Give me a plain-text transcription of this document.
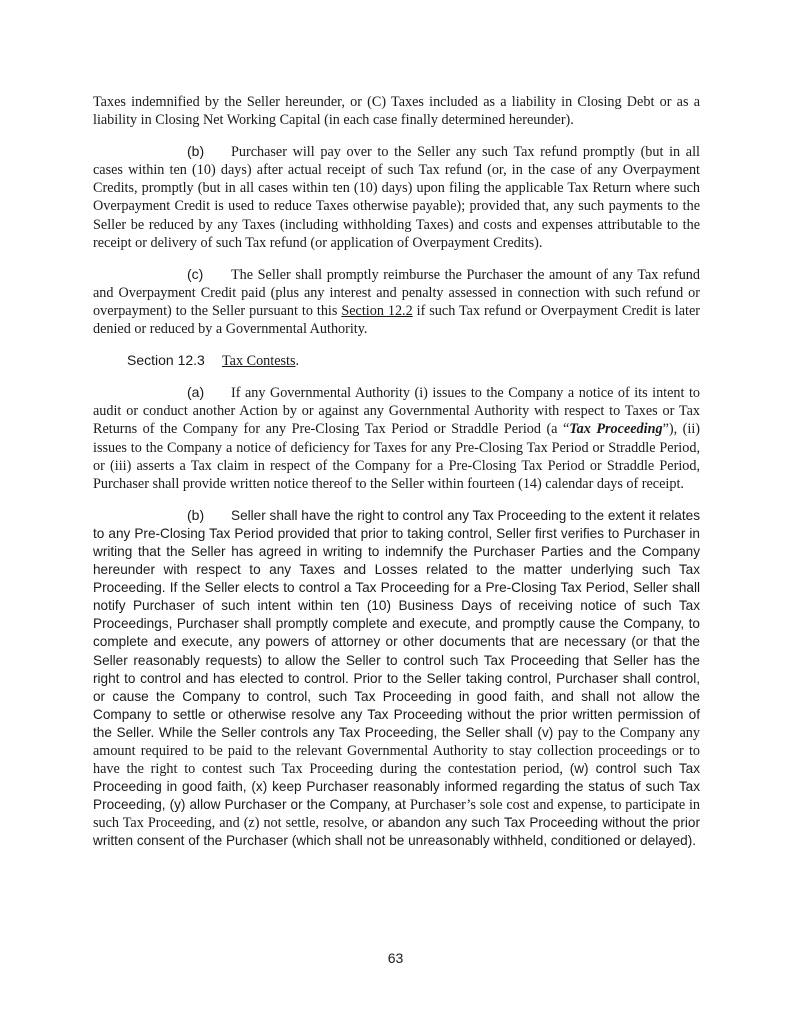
Taxes indemnified by the Seller hereunder, or (C) Taxes included as a liability in Closing Debt or as a liability in Closing Net Working Capital (in each case finally determined hereunder).

(b) Purchaser will pay over to the Seller any such Tax refund promptly (but in all cases within ten (10) days) after actual receipt of such Tax refund (or, in the case of any Overpayment Credits, promptly (but in all cases within ten (10) days) upon filing the applicable Tax Return where such Overpayment Credit is used to reduce Taxes otherwise payable); provided that, any such payments to the Seller be reduced by any Taxes (including withholding Taxes) and costs and expenses attributable to the receipt or delivery of such Tax refund (or application of Overpayment Credits).

(c) The Seller shall promptly reimburse the Purchaser the amount of any Tax refund and Overpayment Credit paid (plus any interest and penalty assessed in connection with such refund or overpayment) to the Seller pursuant to this Section 12.2 if such Tax refund or Overpayment Credit is later denied or reduced by a Governmental Authority.

Section 12.3 Tax Contests.

(a) If any Governmental Authority (i) issues to the Company a notice of its intent to audit or conduct another Action by or against any Governmental Authority with respect to Taxes or Tax Returns of the Company for any Pre-Closing Tax Period or Straddle Period (a “Tax Proceeding”), (ii) issues to the Company a notice of deficiency for Taxes for any Pre-Closing Tax Period or Straddle Period, or (iii) asserts a Tax claim in respect of the Company for a Pre-Closing Tax Period or Straddle Period, Purchaser shall provide written notice thereof to the Seller within fourteen (14) calendar days of receipt.

(b) Seller shall have the right to control any Tax Proceeding to the extent it relates to any Pre-Closing Tax Period provided that prior to taking control, Seller first verifies to Purchaser in writing that the Seller has agreed in writing to indemnify the Purchaser Parties and the Company hereunder with respect to any Taxes and Losses related to the matter underlying such Tax Proceeding. If the Seller elects to control a Tax Proceeding for a Pre-Closing Tax Period, Seller shall notify Purchaser of such intent within ten (10) Business Days of receiving notice of such Tax Proceedings, Purchaser shall promptly complete and execute, and promptly cause the Company, to complete and execute, any powers of attorney or other documents that are necessary (or that the Seller reasonably requests) to allow the Seller to control such Tax Proceeding that Seller has the right to control and has elected to control. Prior to the Seller taking control, Purchaser shall control, or cause the Company to control, such Tax Proceeding in good faith, and shall not allow the Company to settle or otherwise resolve any Tax Proceeding without the prior written permission of the Seller. While the Seller controls any Tax Proceeding, the Seller shall (v) pay to the Company any amount required to be paid to the relevant Governmental Authority to stay collection proceedings or to have the right to contest such Tax Proceeding during the contestation period, (w) control such Tax Proceeding in good faith, (x) keep Purchaser reasonably informed regarding the status of such Tax Proceeding, (y) allow Purchaser or the Company, at Purchaser’s sole cost and expense, to participate in such Tax Proceeding, and (z) not settle, resolve, or abandon any such Tax Proceeding without the prior written consent of the Purchaser (which shall not be unreasonably withheld, conditioned or delayed).

63
